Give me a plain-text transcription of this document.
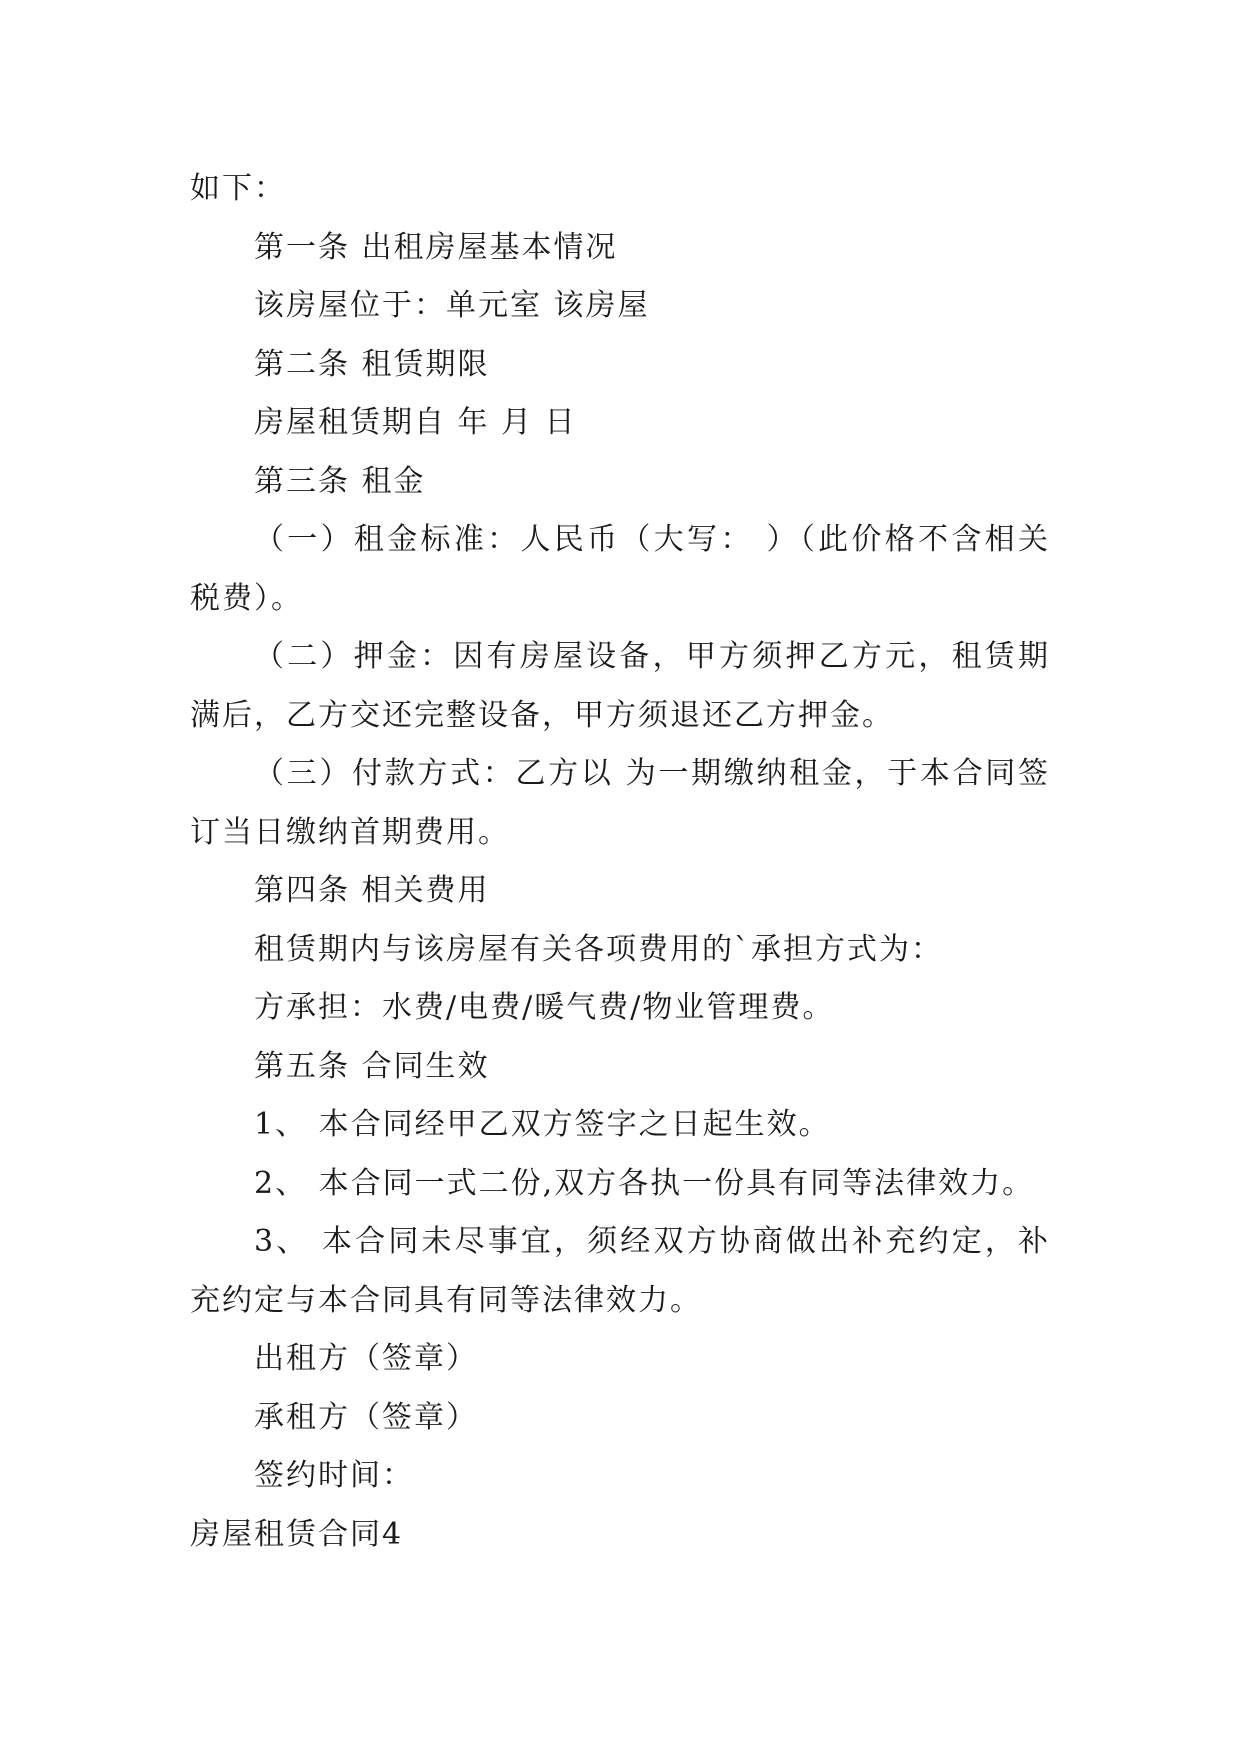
如下：
第一条 出租房屋基本情况
该房屋位于：单元室 该房屋
第二条 租赁期限
房屋租赁期自 年 月 日
第三条 租金
（一）租金标准：人民币（大写： ）（此价格不含相关税费）。
（二）押金：因有房屋设备，甲方须押乙方元，租赁期满后，乙方交还完整设备，甲方须退还乙方押金。
（三）付款方式：乙方以 为一期缴纳租金，于本合同签订当日缴纳首期费用。
第四条 相关费用
租赁期内与该房屋有关各项费用的`承担方式为：
方承担：水费/电费/暖气费/物业管理费。
第五条 合同生效
1、 本合同经甲乙双方签字之日起生效。
2、 本合同一式二份,双方各执一份具有同等法律效力。
3、 本合同未尽事宜，须经双方协商做出补充约定，补充约定与本合同具有同等法律效力。
出租方（签章）
承租方（签章）
签约时间：
房屋租赁合同4
